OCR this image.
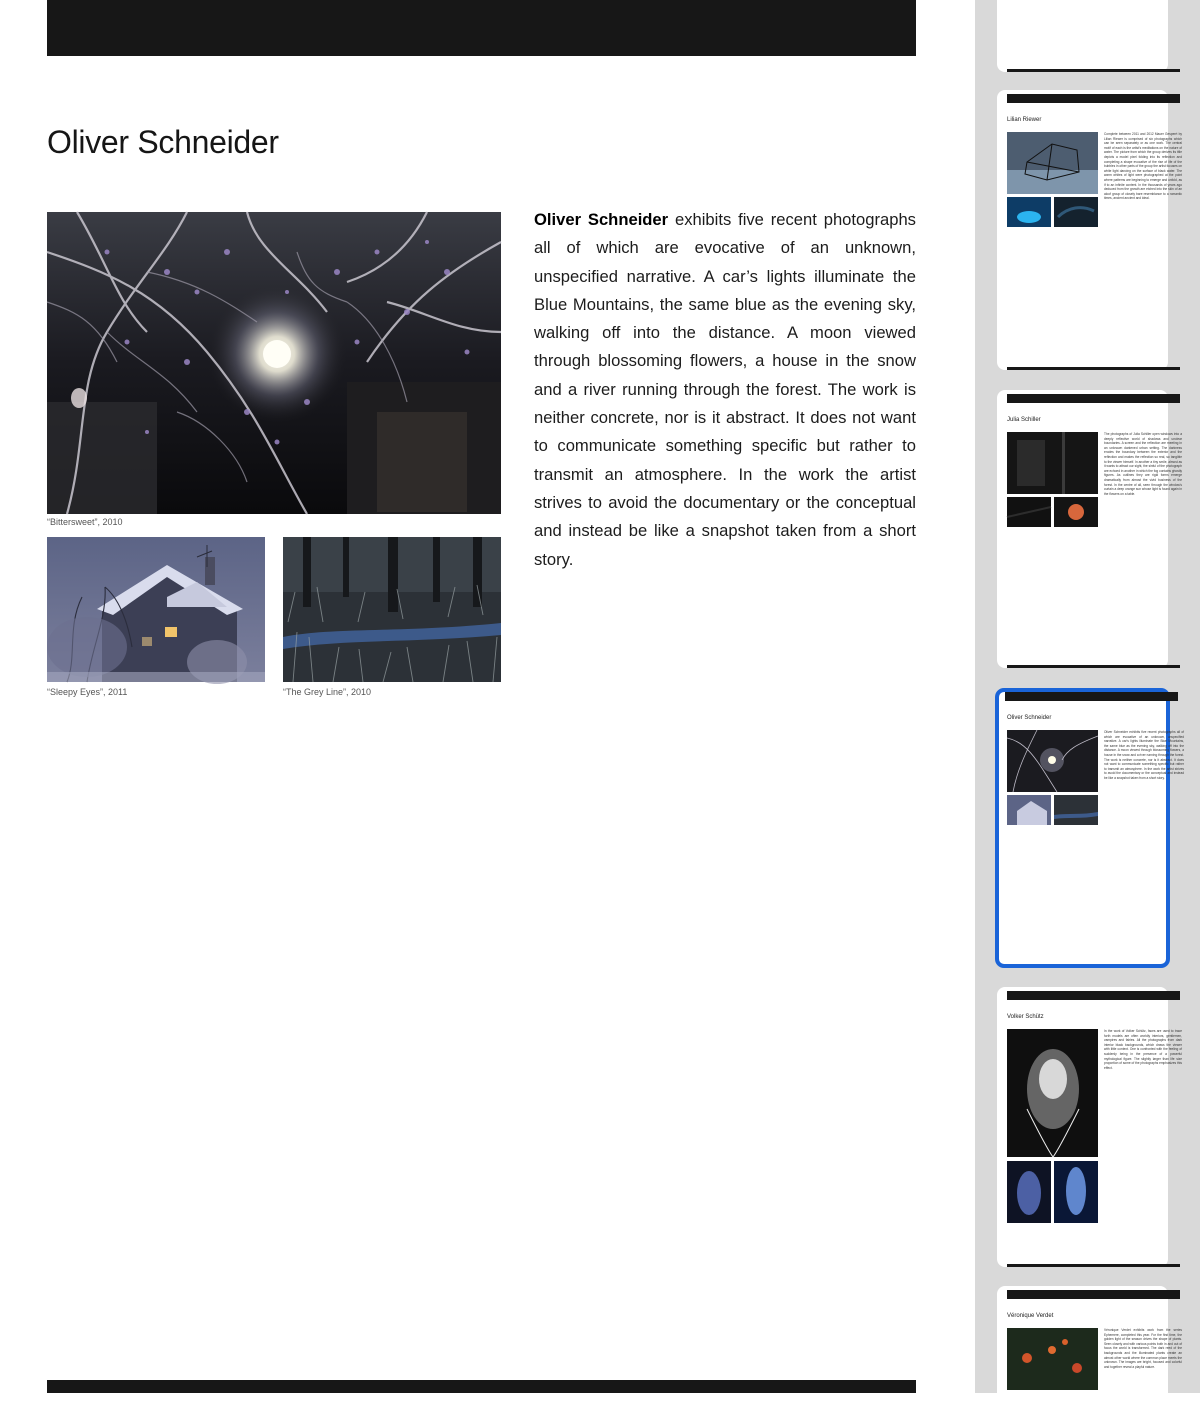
Oliver Schneider
“Bittersweet”, 2010
“Sleepy Eyes”, 2011	“The Grey Line”, 2010

Oliver Schneider exhibits five recent photographs all of which are evocative of an unknown, unspecified narrative. A car’s lights illuminate the Blue Mountains, the same blue as the evening sky, walking off into the distance. A moon viewed through blossoming flowers, a house in the snow and a river running through the forest. The work is neither concrete, nor is it abstract. It does not want to communicate something specific but rather to transmit an atmosphere. In the work the artist strives to avoid the documentary or the conceptual and instead be like a snapshot taken from a short story.

Lilian Riewer
Complete between 2011 and 2012 Mauer Gesperrt by Lilian Riewer is comprised of six photographs which can be seen separately or as one work. The central motif of each is the artist's meditations on the nature of water. The picture from which the group derives its title depicts a model pixel folding into its reflection and completing a shape evocative of the rise of life of the bubbles in other parts of the group the artist focuses on white light dancing on the surface of black water. The warm whites of light were photographed at the point where patterns are beginning to emerge and unfold, as if to an infinite content. In the thousands of years ago deduced from the growth are etched into the skin of an aloof group of closely bare resemblance to a romantic times, ancient ancient and ideal.
Julia Schiller
The photographs of Julia Schiller open windows into a deeply reflective world of shadows and unclear boundaries. A screen and the reflection are meeting in an unknown darkened urban setting. The darkness erodes the boundary between the exterior and the reflection and makes the reflection so real, so tangible to the viewer himself. In another a tiny smile, almost as it wants to attract our sight, the sinful of the photograph are echoed in another in which the fog contains ghostly figures. As outlines they are rigid forms emerge dramatically from almost the vivid business of the forest. In the centre of all, seen through the window's curtain a deep orange sun whose light is found again in the flowers on a table.
Oliver Schneider
Oliver Schneider exhibits five recent photographs all of which are evocative of an unknown, unspecified narrative. A car's lights illuminate the Blue Mountains, the same blue as the evening sky, walking off into the distance. A moon viewed through blossoming flowers, a house in the snow and a river running through the forest. The work is neither concrete, nor is it abstract. It does not want to communicate something specific but rather to transmit an atmosphere. In the work the artist strives to avoid the documentary or the conceptual and instead be like a snapshot taken from a short story.
Volker Schütz
In the work of Volker Schütz, faces are used to trace forth models are often worldly interiors, gentlemen, vampires and fairies. All the photographs from dark interior black backgrounds, which draws the viewer with little context. One is confronted with the feeling of suddenly being in the presence of a powerful mythological figure. The slightly larger than life size proportion of some of the photographs emphasizes this effect.
Véronique Verdet
Véronique Verdet exhibits work from the series Ephemere, completed this year. For the first time, the golden light of the season drives the shape of plants. Seen closely and with various points both in and out of focus the world is transformed. The dark reed of the backgrounds and the illuminated plants create an almost other world where the common place meets the unknown. The images are bright, focused and colorful and together reveal a playful nature.
